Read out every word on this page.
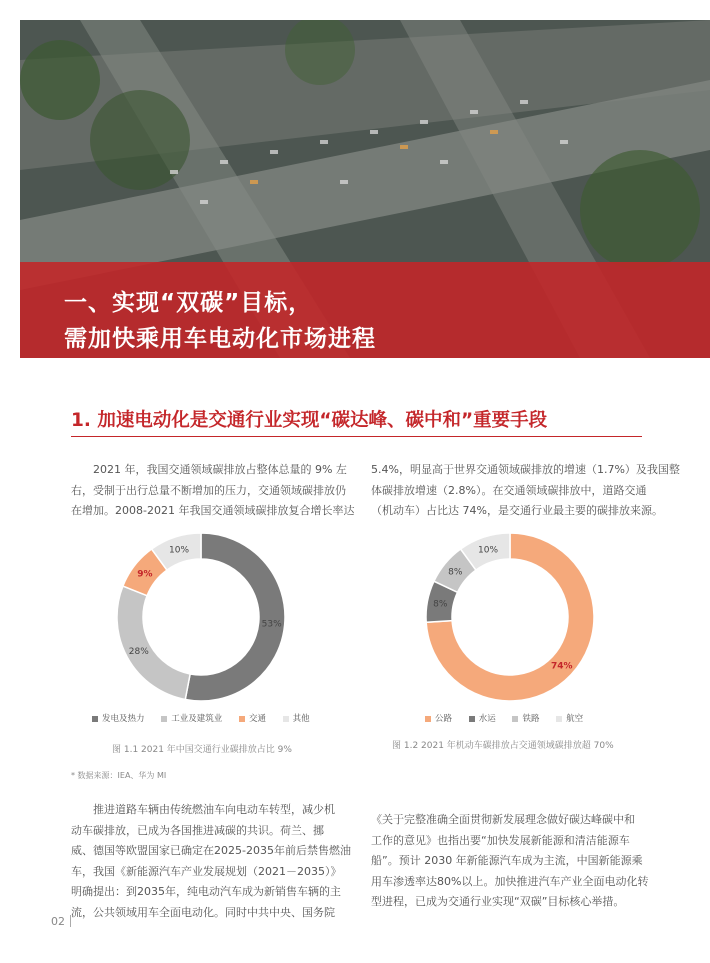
一、实现“双碳”目标，
需加快乘用车电动化市场进程
1. 加速电动化是交通行业实现“碳达峰、碳中和”重要手段

2021 年，我国交通领域碳排放占整体总量的 9% 左

右，受制于出行总量不断增加的压力，交通领域碳排放仍

在增加。2008-2021 年我国交通领域碳排放复合增长率达

5.4%，明显高于世界交通领域碳排放的增速（1.7%）及我国整

体碳排放增速（2.8%）。在交通领域碳排放中，道路交通

（机动车）占比达 74%，是交通行业最主要的碳排放来源。

53%
28%
9%
10%
74%
8%
8%
10%
发电及热力	工业及建筑业	交通	其他	公路	水运	铁路	航空
图 1.1 2021 年中国交通行业碳排放占比 9%	图 1.2 2021 年机动车碳排放占交通领域碳排放超 70%
* 数据来源：IEA、华为 MI

推进道路车辆由传统燃油车向电动车转型，减少机

动车碳排放，已成为各国推进减碳的共识。荷兰、挪

威、德国等欧盟国家已确定在2025-2035年前后禁售燃油

车，我国《新能源汽车产业发展规划（2021－2035）》

明确提出：到2035年，纯电动汽车成为新销售车辆的主

流，公共领域用车全面电动化。同时中共中央、国务院

《关于完整准确全面贯彻新发展理念做好碳达峰碳中和

工作的意见》也指出要“加快发展新能源和清洁能源车

船”。预计 2030 年新能源汽车成为主流，中国新能源乘

用车渗透率达80%以上。加快推进汽车产业全面电动化转

型进程，已成为交通行业实现“双碳”目标核心举措。

02
